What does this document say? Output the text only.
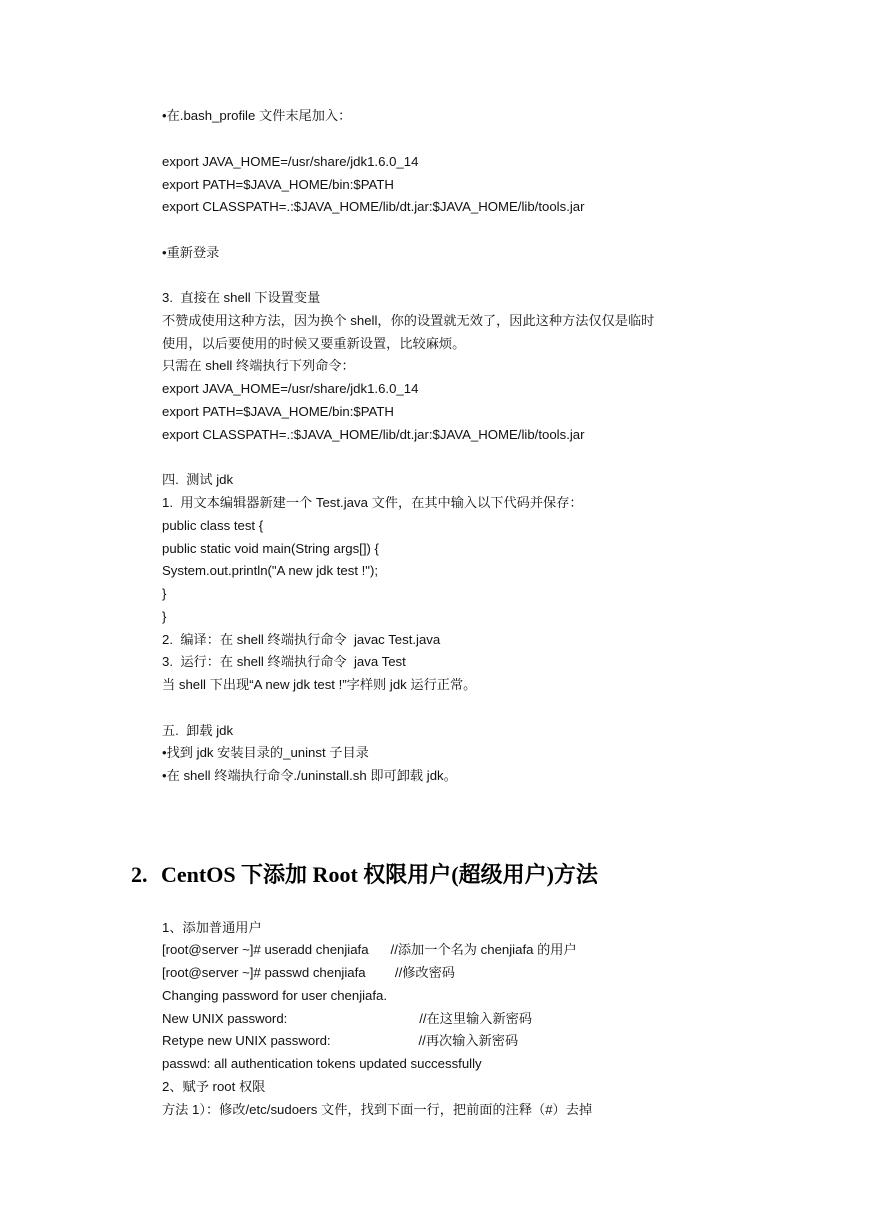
•在.bash_profile 文件末尾加入：

export JAVA_HOME=/usr/share/jdk1.6.0_14

export PATH=$JAVA_HOME/bin:$PATH

export CLASSPATH=.:$JAVA_HOME/lib/dt.jar:$JAVA_HOME/lib/tools.jar

•重新登录

3.  直接在 shell 下设置变量

不赞成使用这种方法，因为换个 shell，你的设置就无效了，因此这种方法仅仅是临时

使用，以后要使用的时候又要重新设置，比较麻烦。

只需在 shell 终端执行下列命令：

export JAVA_HOME=/usr/share/jdk1.6.0_14

export PATH=$JAVA_HOME/bin:$PATH

export CLASSPATH=.:$JAVA_HOME/lib/dt.jar:$JAVA_HOME/lib/tools.jar

四.  测试 jdk

1.  用文本编辑器新建一个 Test.java 文件，在其中输入以下代码并保存：

public class test {

public static void main(String args[]) {

System.out.println("A new jdk test !");

}

}

2.  编译：在 shell 终端执行命令  javac Test.java

3.  运行：在 shell 终端执行命令  java Test

当 shell 下出现“A new jdk test !”字样则 jdk 运行正常。

五.  卸载 jdk

•找到 jdk 安装目录的_uninst 子目录

•在 shell 终端执行命令./uninstall.sh 即可卸载 jdk。

2. CentOS 下添加 Root 权限用户(超级用户)方法

1、添加普通用户

[root@server ~]# useradd chenjiafa      //添加一个名为 chenjiafa 的用户

[root@server ~]# passwd chenjiafa        //修改密码

Changing password for user chenjiafa.

New UNIX password:                                    //在这里输入新密码

Retype new UNIX password:                        //再次输入新密码

passwd: all authentication tokens updated successfully

2、赋予 root 权限

方法 1）：修改/etc/sudoers 文件，找到下面一行，把前面的注释（#）去掉
